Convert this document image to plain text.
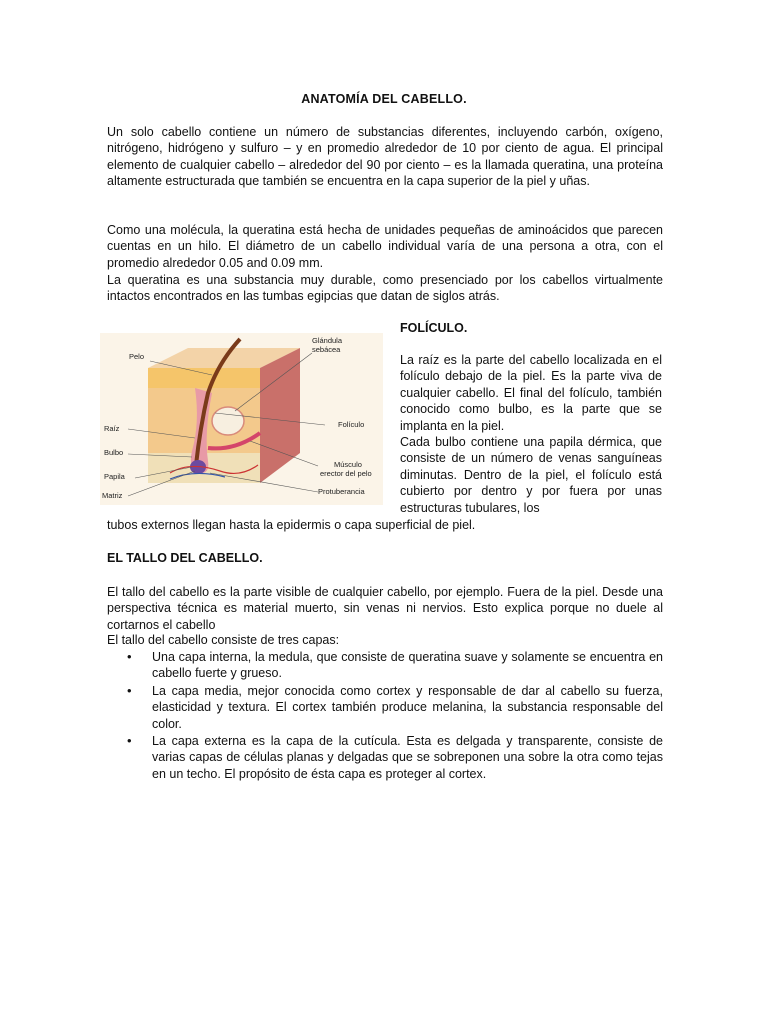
ANATOMÍA DEL CABELLO.

Un solo cabello contiene un número de substancias diferentes, incluyendo carbón, oxígeno, nitrógeno, hidrógeno y sulfuro – y en promedio alrededor de 10 por ciento de agua. El principal elemento de cualquier cabello – alrededor del 90 por ciento – es la llamada queratina, una proteína altamente estructurada que también se encuentra en la capa superior de la piel y uñas.

Como una molécula, la queratina está hecha de unidades pequeñas de aminoácidos que parecen cuentas en un hilo. El diámetro de un cabello individual varía de una persona a otra, con el promedio alrededor 0.05 and 0.09 mm.

La queratina es una substancia muy durable, como presenciado por los cabellos virtualmente intactos encontrados en las tumbas egipcias que datan de siglos atrás.

FOLÍCULO.
Pelo
Glándula
sebácea
Folículo
Raíz
Bulbo
Papila
Matriz
Músculo
erector del pelo
Protuberancia
La raíz es la parte del cabello localizada en el folículo debajo de la piel. Es la parte viva de cualquier cabello. El final del folículo, también conocido como bulbo, es la parte que se implanta en la piel.
Cada bulbo contiene una papila dérmica, que consiste de un número de venas sanguíneas diminutas. Dentro de la piel, el folículo está cubierto por dentro y por fuera por unas estructuras tubulares, los

tubos externos llegan hasta la epidermis o capa superficial de piel.

EL TALLO DEL CABELLO.

El tallo del cabello es la parte visible de cualquier cabello, por ejemplo. Fuera de la piel. Desde una perspectiva técnica es material muerto, sin venas ni nervios. Esto explica porque no duele al cortarnos el cabello

El tallo del cabello consiste de tres capas:

• Una capa interna, la medula, que consiste de queratina suave y solamente se encuentra en cabello fuerte y grueso.
• La capa media, mejor conocida como cortex y responsable de dar al cabello su fuerza, elasticidad y textura. El cortex también produce melanina, la substancia responsable del color.
• La capa externa es la capa de la cutícula. Esta es delgada y transparente, consiste de varias capas de células planas y delgadas que se sobreponen una sobre la otra como tejas en un techo. El propósito de ésta capa es proteger al cortex.
